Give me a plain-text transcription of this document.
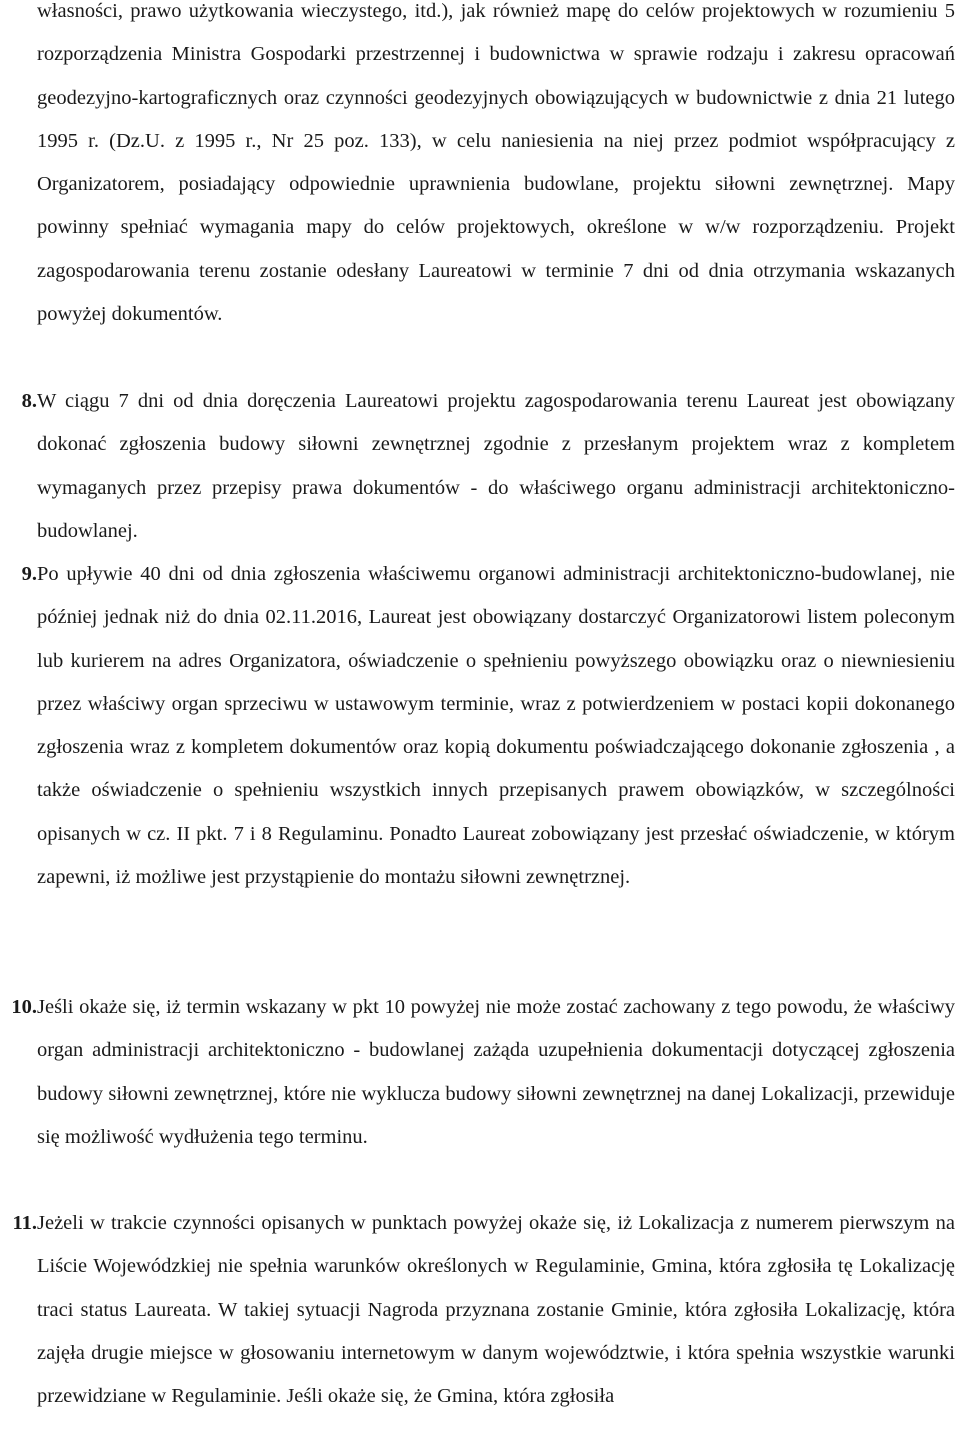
własności, prawo użytkowania wieczystego, itd.), jak również mapę do celów projektowych w rozumieniu 5 rozporządzenia Ministra Gospodarki przestrzennej i budownictwa w sprawie rodzaju i zakresu opracowań geodezyjno-kartograficznych oraz czynności geodezyjnych obowiązujących w budownictwie z dnia 21 lutego 1995 r. (Dz.U. z 1995 r., Nr 25 poz. 133), w celu naniesienia na niej przez podmiot współpracujący z Organizatorem, posiadający odpowiednie uprawnienia budowlane, projektu siłowni zewnętrznej. Mapy powinny spełniać wymagania mapy do celów projektowych, określone w w/w rozporządzeniu. Projekt zagospodarowania terenu zostanie odesłany Laureatowi w terminie 7 dni od dnia otrzymania wskazanych powyżej dokumentów.

8. W ciągu 7 dni od dnia doręczenia Laureatowi projektu zagospodarowania terenu Laureat jest obowiązany dokonać zgłoszenia budowy siłowni zewnętrznej zgodnie z przesłanym projektem wraz z kompletem wymaganych przez przepisy prawa dokumentów - do właściwego organu administracji architektoniczno-budowlanej.

9. Po upływie 40 dni od dnia zgłoszenia właściwemu organowi administracji architektoniczno-budowlanej, nie później jednak niż do dnia 02.11.2016, Laureat jest obowiązany dostarczyć Organizatorowi listem poleconym lub kurierem na adres Organizatora, oświadczenie o spełnieniu powyższego obowiązku oraz o niewniesieniu przez właściwy organ sprzeciwu w ustawowym terminie, wraz z potwierdzeniem w postaci kopii dokonanego zgłoszenia wraz z kompletem dokumentów oraz kopią dokumentu poświadczającego dokonanie zgłoszenia , a także oświadczenie o spełnieniu wszystkich innych przepisanych prawem obowiązków, w szczególności opisanych w cz. II pkt. 7 i 8 Regulaminu. Ponadto Laureat zobowiązany jest przesłać oświadczenie, w którym zapewni, iż możliwe jest przystąpienie do montażu siłowni zewnętrznej.

10. Jeśli okaże się, iż termin wskazany w pkt 10 powyżej nie może zostać zachowany z tego powodu, że właściwy organ administracji architektoniczno - budowlanej zażąda uzupełnienia dokumentacji dotyczącej zgłoszenia budowy siłowni zewnętrznej, które nie wyklucza budowy siłowni zewnętrznej na danej Lokalizacji, przewiduje się możliwość wydłużenia tego terminu.

11. Jeżeli w trakcie czynności opisanych w punktach powyżej okaże się, iż Lokalizacja z numerem pierwszym na Liście Wojewódzkiej nie spełnia warunków określonych w Regulaminie, Gmina, która zgłosiła tę Lokalizację traci status Laureata. W takiej sytuacji Nagroda przyznana zostanie Gminie, która zgłosiła Lokalizację, która zajęła drugie miejsce w głosowaniu internetowym w danym województwie, i która spełnia wszystkie warunki przewidziane w Regulaminie. Jeśli okaże się, że Gmina, która zgłosiła
